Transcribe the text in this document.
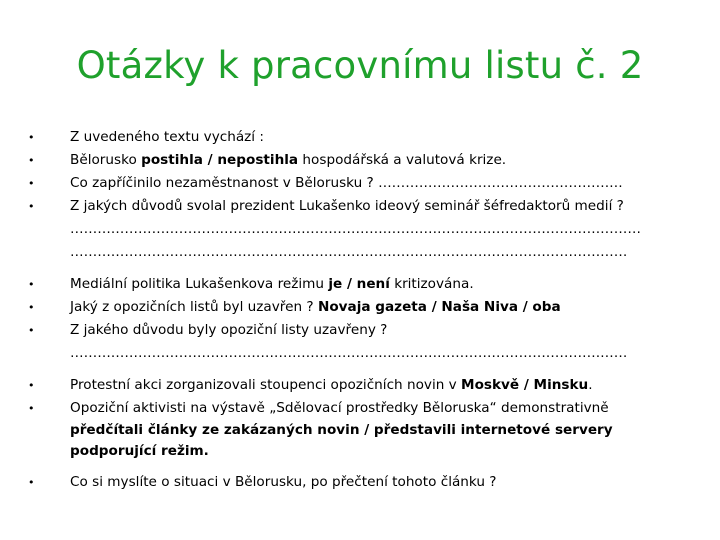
Otázky k pracovnímu listu č. 2
•	Z uvedeného textu vychází :
•	Bělorusko postihla / nepostihla hospodářská a valutová krize.
•	Co zapříčinilo nezaměstnanost v Bělorusku ? ………………………………………………
•	Z jakých důvodů svolal prezident Lukašenko ideový seminář šéfredaktorů medií ?
………………………………………………………………………………………………………………
……………………………………………………………………………………………………………
•	Mediální politika Lukašenkova režimu je / není kritizována.
•	Jaký z opozičních listů byl uzavřen ? Novaja gazeta / Naša Niva / oba
•	Z jakého důvodu byly opoziční listy uzavřeny ?
……………………………………………………………………………………………………………
•	Protestní akci zorganizovali stoupenci opozičních novin v Moskvě / Minsku.
•	Opoziční aktivisti na výstavě „Sdělovací prostředky Běloruska“ demonstrativně
předčítali články ze zakázaných novin / představili internetové servery
podporující režim.
•	Co si myslíte o situaci v Bělorusku, po přečtení tohoto článku ?
